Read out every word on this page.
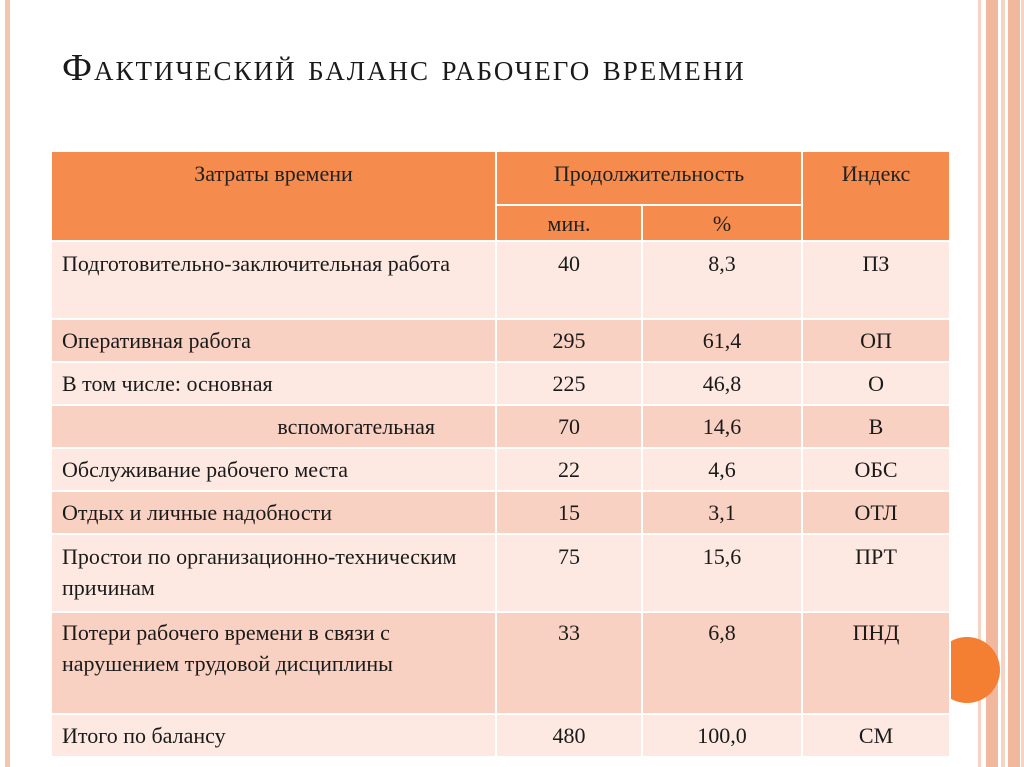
Фактический баланс рабочего времени
Затраты времени	Продолжительность		Индекс
	мин.	%	
Подготовительно-заключительная работа	40	8,3	ПЗ
Оперативная работа	295	61,4	ОП
В том числе: основная	225	46,8	О
вспомогательная	70	14,6	В
Обслуживание рабочего места	22	4,6	ОБС
Отдых и личные надобности	15	3,1	ОТЛ
Простои по организационно-техническим причинам	75	15,6	ПРТ
Потери рабочего времени в связи с нарушением трудовой дисциплины	33	6,8	ПНД
Итого по балансу	480	100,0	СМ
